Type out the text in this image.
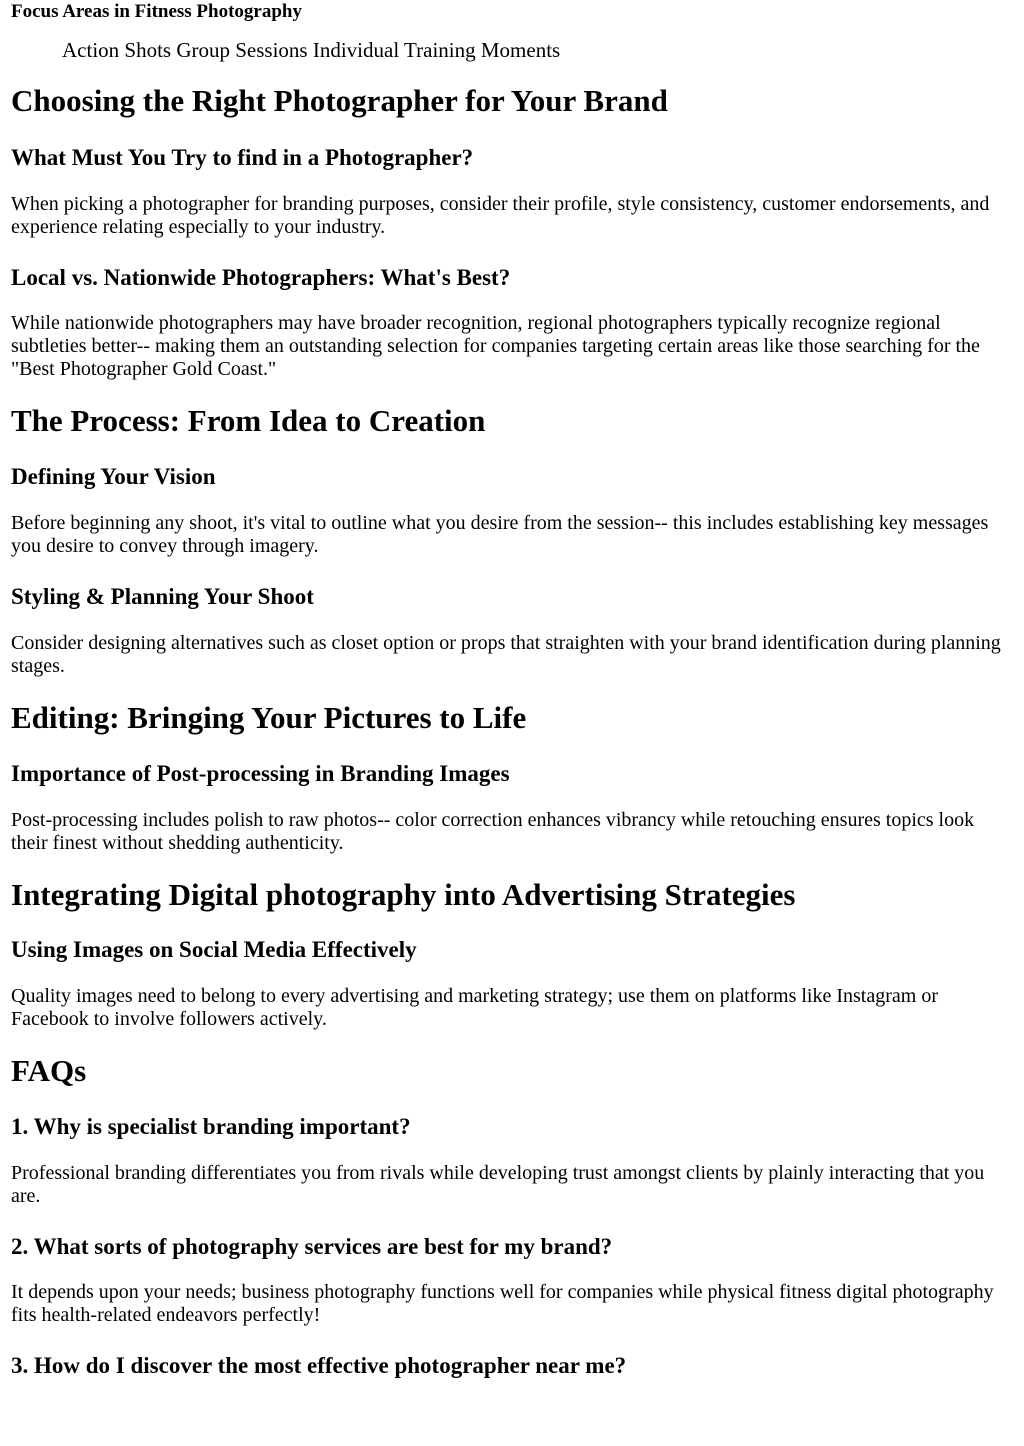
Focus Areas in Fitness Photography
Action Shots Group Sessions Individual Training Moments
Choosing the Right Photographer for Your Brand
What Must You Try to find in a Photographer?

When picking a photographer for branding purposes, consider their profile, style consistency, customer endorsements, and experience relating especially to your industry.

Local vs. Nationwide Photographers: What's Best?

While nationwide photographers may have broader recognition, regional photographers typically recognize regional subtleties better-- making them an outstanding selection for companies targeting certain areas like those searching for the "Best Photographer Gold Coast."

The Process: From Idea to Creation
Defining Your Vision

Before beginning any shoot, it's vital to outline what you desire from the session-- this includes establishing key messages you desire to convey through imagery.

Styling & Planning Your Shoot

Consider designing alternatives such as closet option or props that straighten with your brand identification during planning stages.

Editing: Bringing Your Pictures to Life
Importance of Post-processing in Branding Images

Post-processing includes polish to raw photos-- color correction enhances vibrancy while retouching ensures topics look their finest without shedding authenticity.

Integrating Digital photography into Advertising Strategies
Using Images on Social Media Effectively

Quality images need to belong to every advertising and marketing strategy; use them on platforms like Instagram or Facebook to involve followers actively.

FAQs
1. Why is specialist branding important?

Professional branding differentiates you from rivals while developing trust amongst clients by plainly interacting that you are.

2. What sorts of photography services are best for my brand?

It depends upon your needs; business photography functions well for companies while physical fitness digital photography fits health-related endeavors perfectly!

3. How do I discover the most effective photographer near me?
